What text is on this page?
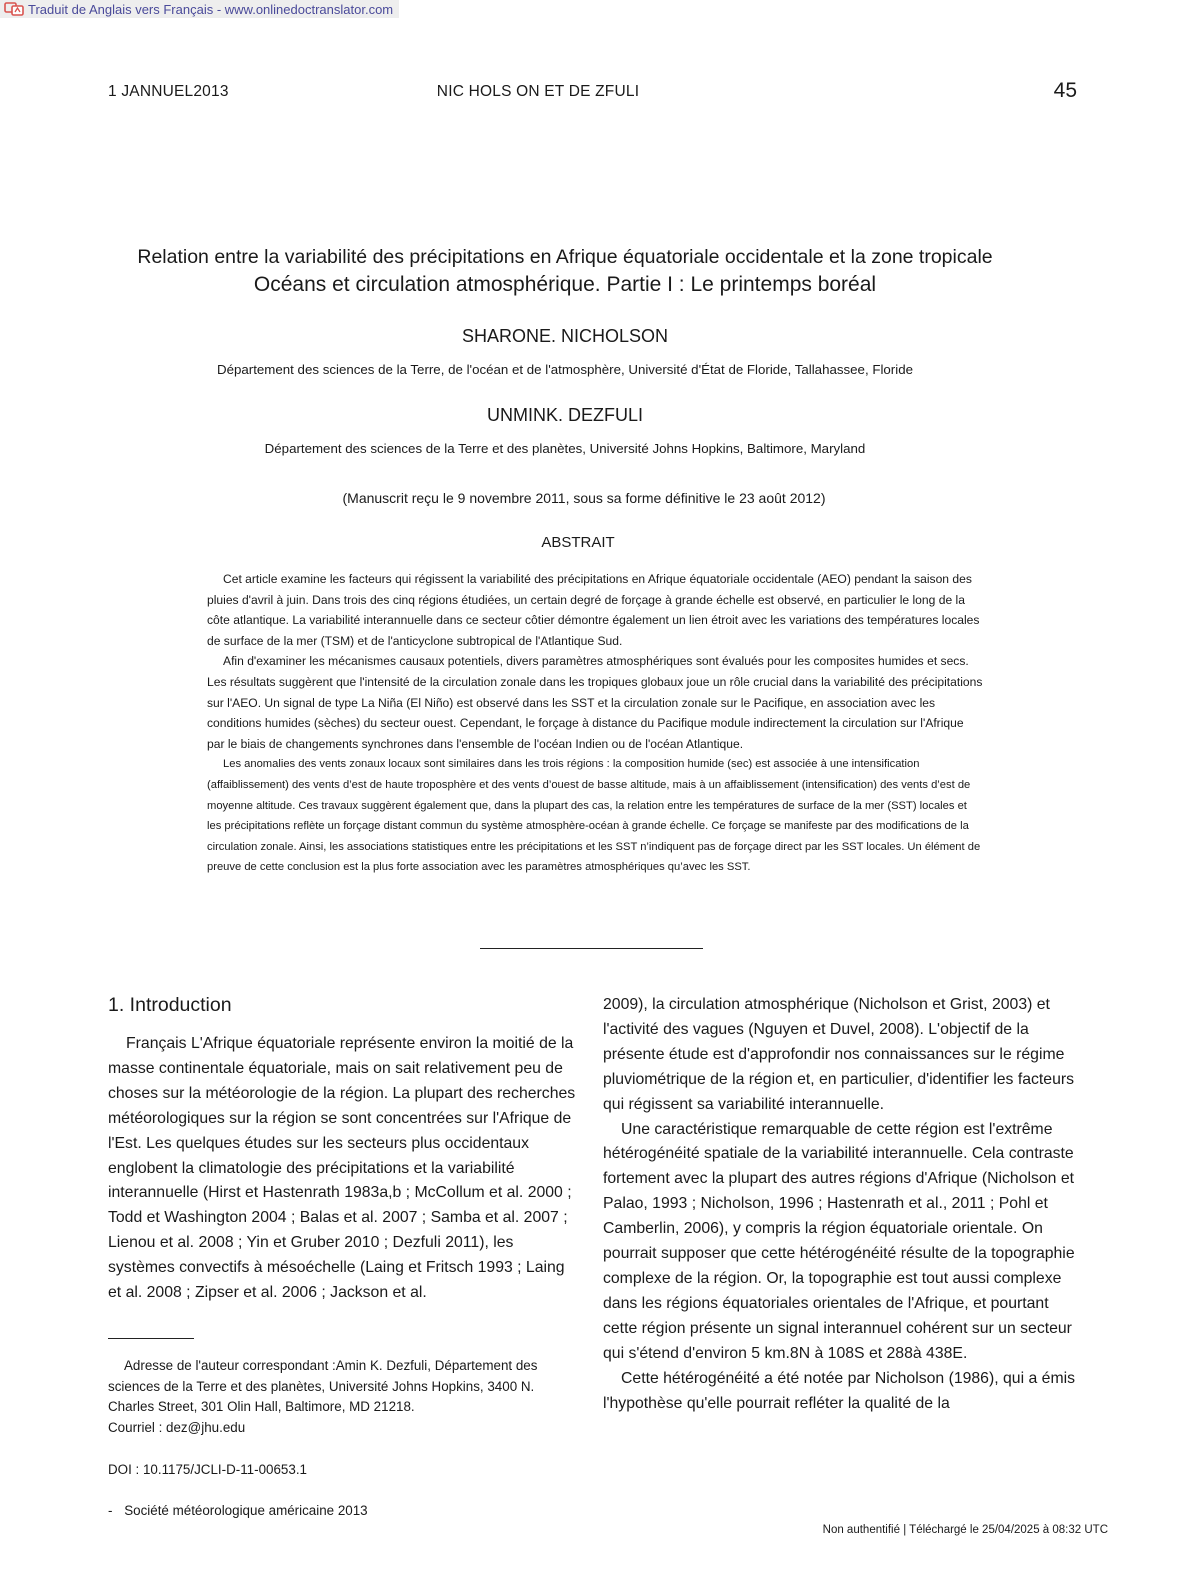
Traduit de Anglais vers Français - www.onlinedoctranslator.com
1 JANNUEL2013	NIC HOLS ON ET DE ZFULI	45
Relation entre la variabilité des précipitations en Afrique équatoriale occidentale et la zone tropicale
Océans et circulation atmosphérique. Partie I : Le printemps boréal
SHARONE. NICHOLSON
Département des sciences de la Terre, de l'océan et de l'atmosphère, Université d'État de Floride, Tallahassee, Floride
UNMINK. DEZFULI
Département des sciences de la Terre et des planètes, Université Johns Hopkins, Baltimore, Maryland
(Manuscrit reçu le 9 novembre 2011, sous sa forme définitive le 23 août 2012)
ABSTRAIT

Cet article examine les facteurs qui régissent la variabilité des précipitations en Afrique équatoriale occidentale (AEO) pendant la saison des pluies d'avril à juin. Dans trois des cinq régions étudiées, un certain degré de forçage à grande échelle est observé, en particulier le long de la côte atlantique. La variabilité interannuelle dans ce secteur côtier démontre également un lien étroit avec les variations des températures locales de surface de la mer (TSM) et de l'anticyclone subtropical de l'Atlantique Sud.

Afin d'examiner les mécanismes causaux potentiels, divers paramètres atmosphériques sont évalués pour les composites humides et secs. Les résultats suggèrent que l'intensité de la circulation zonale dans les tropiques globaux joue un rôle crucial dans la variabilité des précipitations sur l'AEO. Un signal de type La Niña (El Niño) est observé dans les SST et la circulation zonale sur le Pacifique, en association avec les conditions humides (sèches) du secteur ouest. Cependant, le forçage à distance du Pacifique module indirectement la circulation sur l'Afrique par le biais de changements synchrones dans l'ensemble de l'océan Indien ou de l'océan Atlantique.

Les anomalies des vents zonaux locaux sont similaires dans les trois régions : la composition humide (sec) est associée à une intensification (affaiblissement) des vents d’est de haute troposphère et des vents d’ouest de basse altitude, mais à un affaiblissement (intensification) des vents d’est de moyenne altitude. Ces travaux suggèrent également que, dans la plupart des cas, la relation entre les températures de surface de la mer (SST) locales et les précipitations reflète un forçage distant commun du système atmosphère-océan à grande échelle. Ce forçage se manifeste par des modifications de la circulation zonale. Ainsi, les associations statistiques entre les précipitations et les SST n’indiquent pas de forçage direct par les SST locales. Un élément de preuve de cette conclusion est la plus forte association avec les paramètres atmosphériques qu’avec les SST.

1. Introduction

Français L'Afrique équatoriale représente environ la moitié de la masse continentale équatoriale, mais on sait relativement peu de choses sur la météorologie de la région. La plupart des recherches météorologiques sur la région se sont concentrées sur l'Afrique de l'Est. Les quelques études sur les secteurs plus occidentaux englobent la climatologie des précipitations et la variabilité interannuelle (Hirst et Hastenrath 1983a,b ; McCollum et al. 2000 ; Todd et Washington 2004 ; Balas et al. 2007 ; Samba et al. 2007 ; Lienou et al. 2008 ; Yin et Gruber 2010 ; Dezfuli 2011), les systèmes convectifs à mésoéchelle (Laing et Fritsch 1993 ; Laing et al. 2008 ; Zipser et al. 2006 ; Jackson et al.

2009), la circulation atmosphérique (Nicholson et Grist, 2003) et l'activité des vagues (Nguyen et Duvel, 2008). L'objectif de la présente étude est d'approfondir nos connaissances sur le régime pluviométrique de la région et, en particulier, d'identifier les facteurs qui régissent sa variabilité interannuelle.

Une caractéristique remarquable de cette région est l'extrême hétérogénéité spatiale de la variabilité interannuelle. Cela contraste fortement avec la plupart des autres régions d'Afrique (Nicholson et Palao, 1993 ; Nicholson, 1996 ; Hastenrath et al., 2011 ; Pohl et Camberlin, 2006), y compris la région équatoriale orientale. On pourrait supposer que cette hétérogénéité résulte de la topographie complexe de la région. Or, la topographie est tout aussi complexe dans les régions équatoriales orientales de l'Afrique, et pourtant cette région présente un signal interannuel cohérent sur un secteur qui s'étend d'environ 5 km.8N à 108S et 288à 438E.

Cette hétérogénéité a été notée par Nicholson (1986), qui a émis l'hypothèse qu'elle pourrait refléter la qualité de la

Adresse de l'auteur correspondant :Amin K. Dezfuli, Département des
sciences de la Terre et des planètes, Université Johns Hopkins, 3400 N.
Charles Street, 301 Olin Hall, Baltimore, MD 21218.
Courriel : dez@jhu.edu
DOI : 10.1175/JCLI-D-11-00653.1
- Société météorologique américaine 2013
Non authentifié | Téléchargé le 25/04/2025 à 08:32 UTC
